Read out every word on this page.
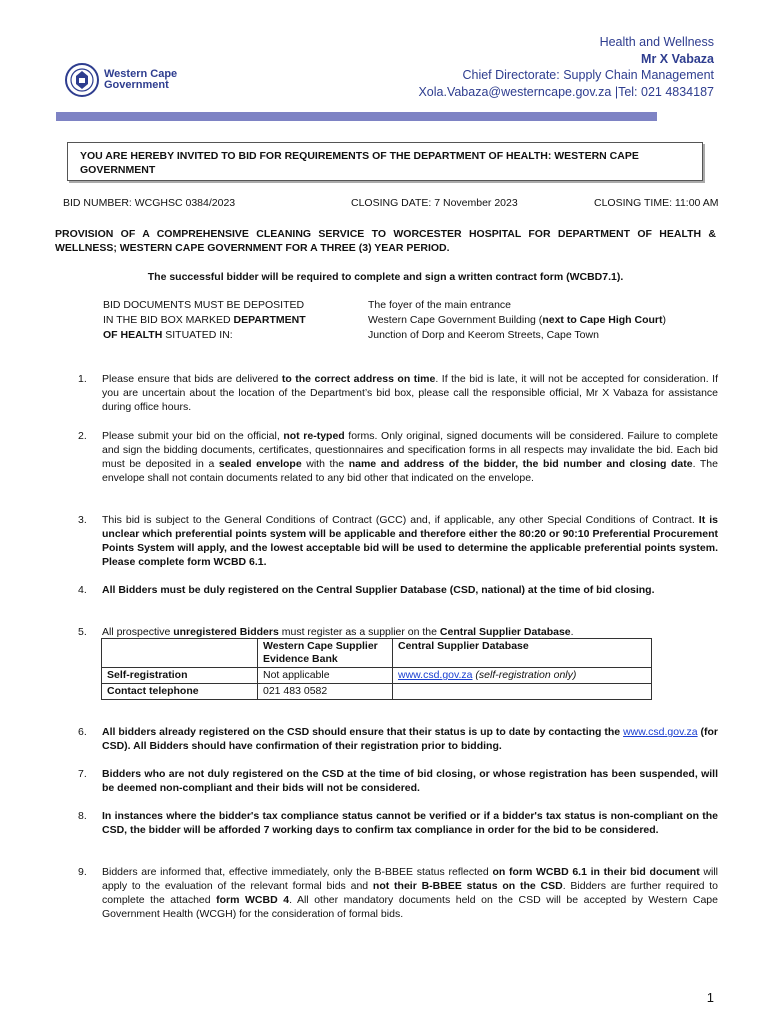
Health and Wellness
Mr X Vabaza
Chief Directorate: Supply Chain Management
Xola.Vabaza@westerncape.gov.za |Tel: 021 4834187
Western Cape
Government
YOU ARE HEREBY INVITED TO BID FOR REQUIREMENTS OF THE DEPARTMENT OF HEALTH: WESTERN CAPE GOVERNMENT
BID NUMBER: WCGHSC 0384/2023	CLOSING DATE: 7 November 2023	CLOSING TIME: 11:00 AM
PROVISION OF A COMPREHENSIVE CLEANING SERVICE TO WORCESTER HOSPITAL FOR DEPARTMENT OF HEALTH & WELLNESS; WESTERN CAPE GOVERNMENT FOR A THREE (3) YEAR PERIOD.
The successful bidder will be required to complete and sign a written contract form (WCBD7.1).
BID DOCUMENTS MUST BE DEPOSITED
IN THE BID BOX MARKED DEPARTMENT
OF HEALTH SITUATED IN:
The foyer of the main entrance
Western Cape Government Building (next to Cape High Court)
Junction of Dorp and Keerom Streets, Cape Town
1.	Please ensure that bids are delivered to the correct address on time. If the bid is late, it will not be accepted for consideration. If you are uncertain about the location of the Department’s bid box, please call the responsible official, Mr X Vabaza for assistance during office hours.
2.	Please submit your bid on the official, not re-typed forms. Only original, signed documents will be considered. Failure to complete and sign the bidding documents, certificates, questionnaires and specification forms in all respects may invalidate the bid. Each bid must be deposited in a sealed envelope with the name and address of the bidder, the bid number and closing date. The envelope shall not contain documents related to any bid other that indicated on the envelope.
3.	This bid is subject to the General Conditions of Contract (GCC) and, if applicable, any other Special Conditions of Contract. It is unclear which preferential points system will be applicable and therefore either the 80:20 or 90:10 Preferential Procurement Points System will apply, and the lowest acceptable bid will be used to determine the applicable preferential points system. Please complete form WCBD 6.1.
4.	All Bidders must be duly registered on the Central Supplier Database (CSD, national) at the time of bid closing.
5.	All prospective unregistered Bidders must register as a supplier on the Central Supplier Database.
	Western Cape Supplier Evidence Bank	Central Supplier Database
Self-registration	Not applicable	www.csd.gov.za (self-registration only)
Contact telephone	021 483 0582	
6.	All bidders already registered on the CSD should ensure that their status is up to date by contacting the www.csd.gov.za (for CSD). All Bidders should have confirmation of their registration prior to bidding.
7.	Bidders who are not duly registered on the CSD at the time of bid closing, or whose registration has been suspended, will be deemed non-compliant and their bids will not be considered.
8.	In instances where the bidder's tax compliance status cannot be verified or if a bidder's tax status is non-compliant on the CSD, the bidder will be afforded 7 working days to confirm tax compliance in order for the bid to be considered.
9.	Bidders are informed that, effective immediately, only the B-BBEE status reflected on form WCBD 6.1 in their bid document will apply to the evaluation of the relevant formal bids and not their B-BBEE status on the CSD. Bidders are further required to complete the attached form WCBD 4. All other mandatory documents held on the CSD will be accepted by Western Cape Government Health (WCGH) for the consideration of formal bids.
1
